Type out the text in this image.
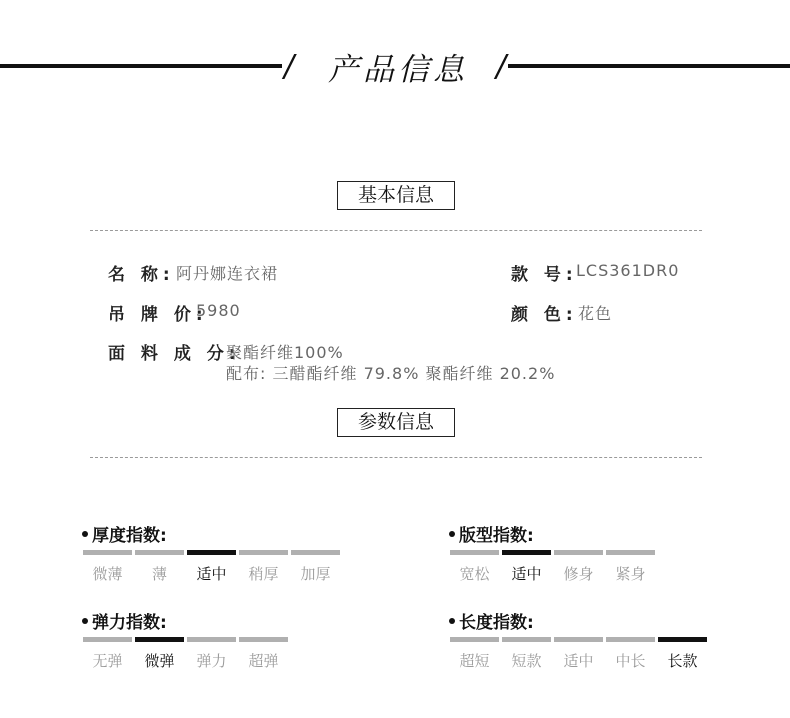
/	产品信息 /
基本信息
名 称: 阿丹娜连衣裙	款 号:
LCS361DR0
吊 牌 价:
5980	颜 色: 花色
面 料 成 分:
聚酯纤维100%
配布: 三醋酯纤维 79.8% 聚酯纤维 20.2%
参数信息
厚度指数:
微薄	薄	适中	稍厚	加厚
版型指数:
宽松	适中	修身	紧身
弹力指数:
无弹	微弹	弹力	超弹
长度指数:
超短	短款	适中	中长	长款
